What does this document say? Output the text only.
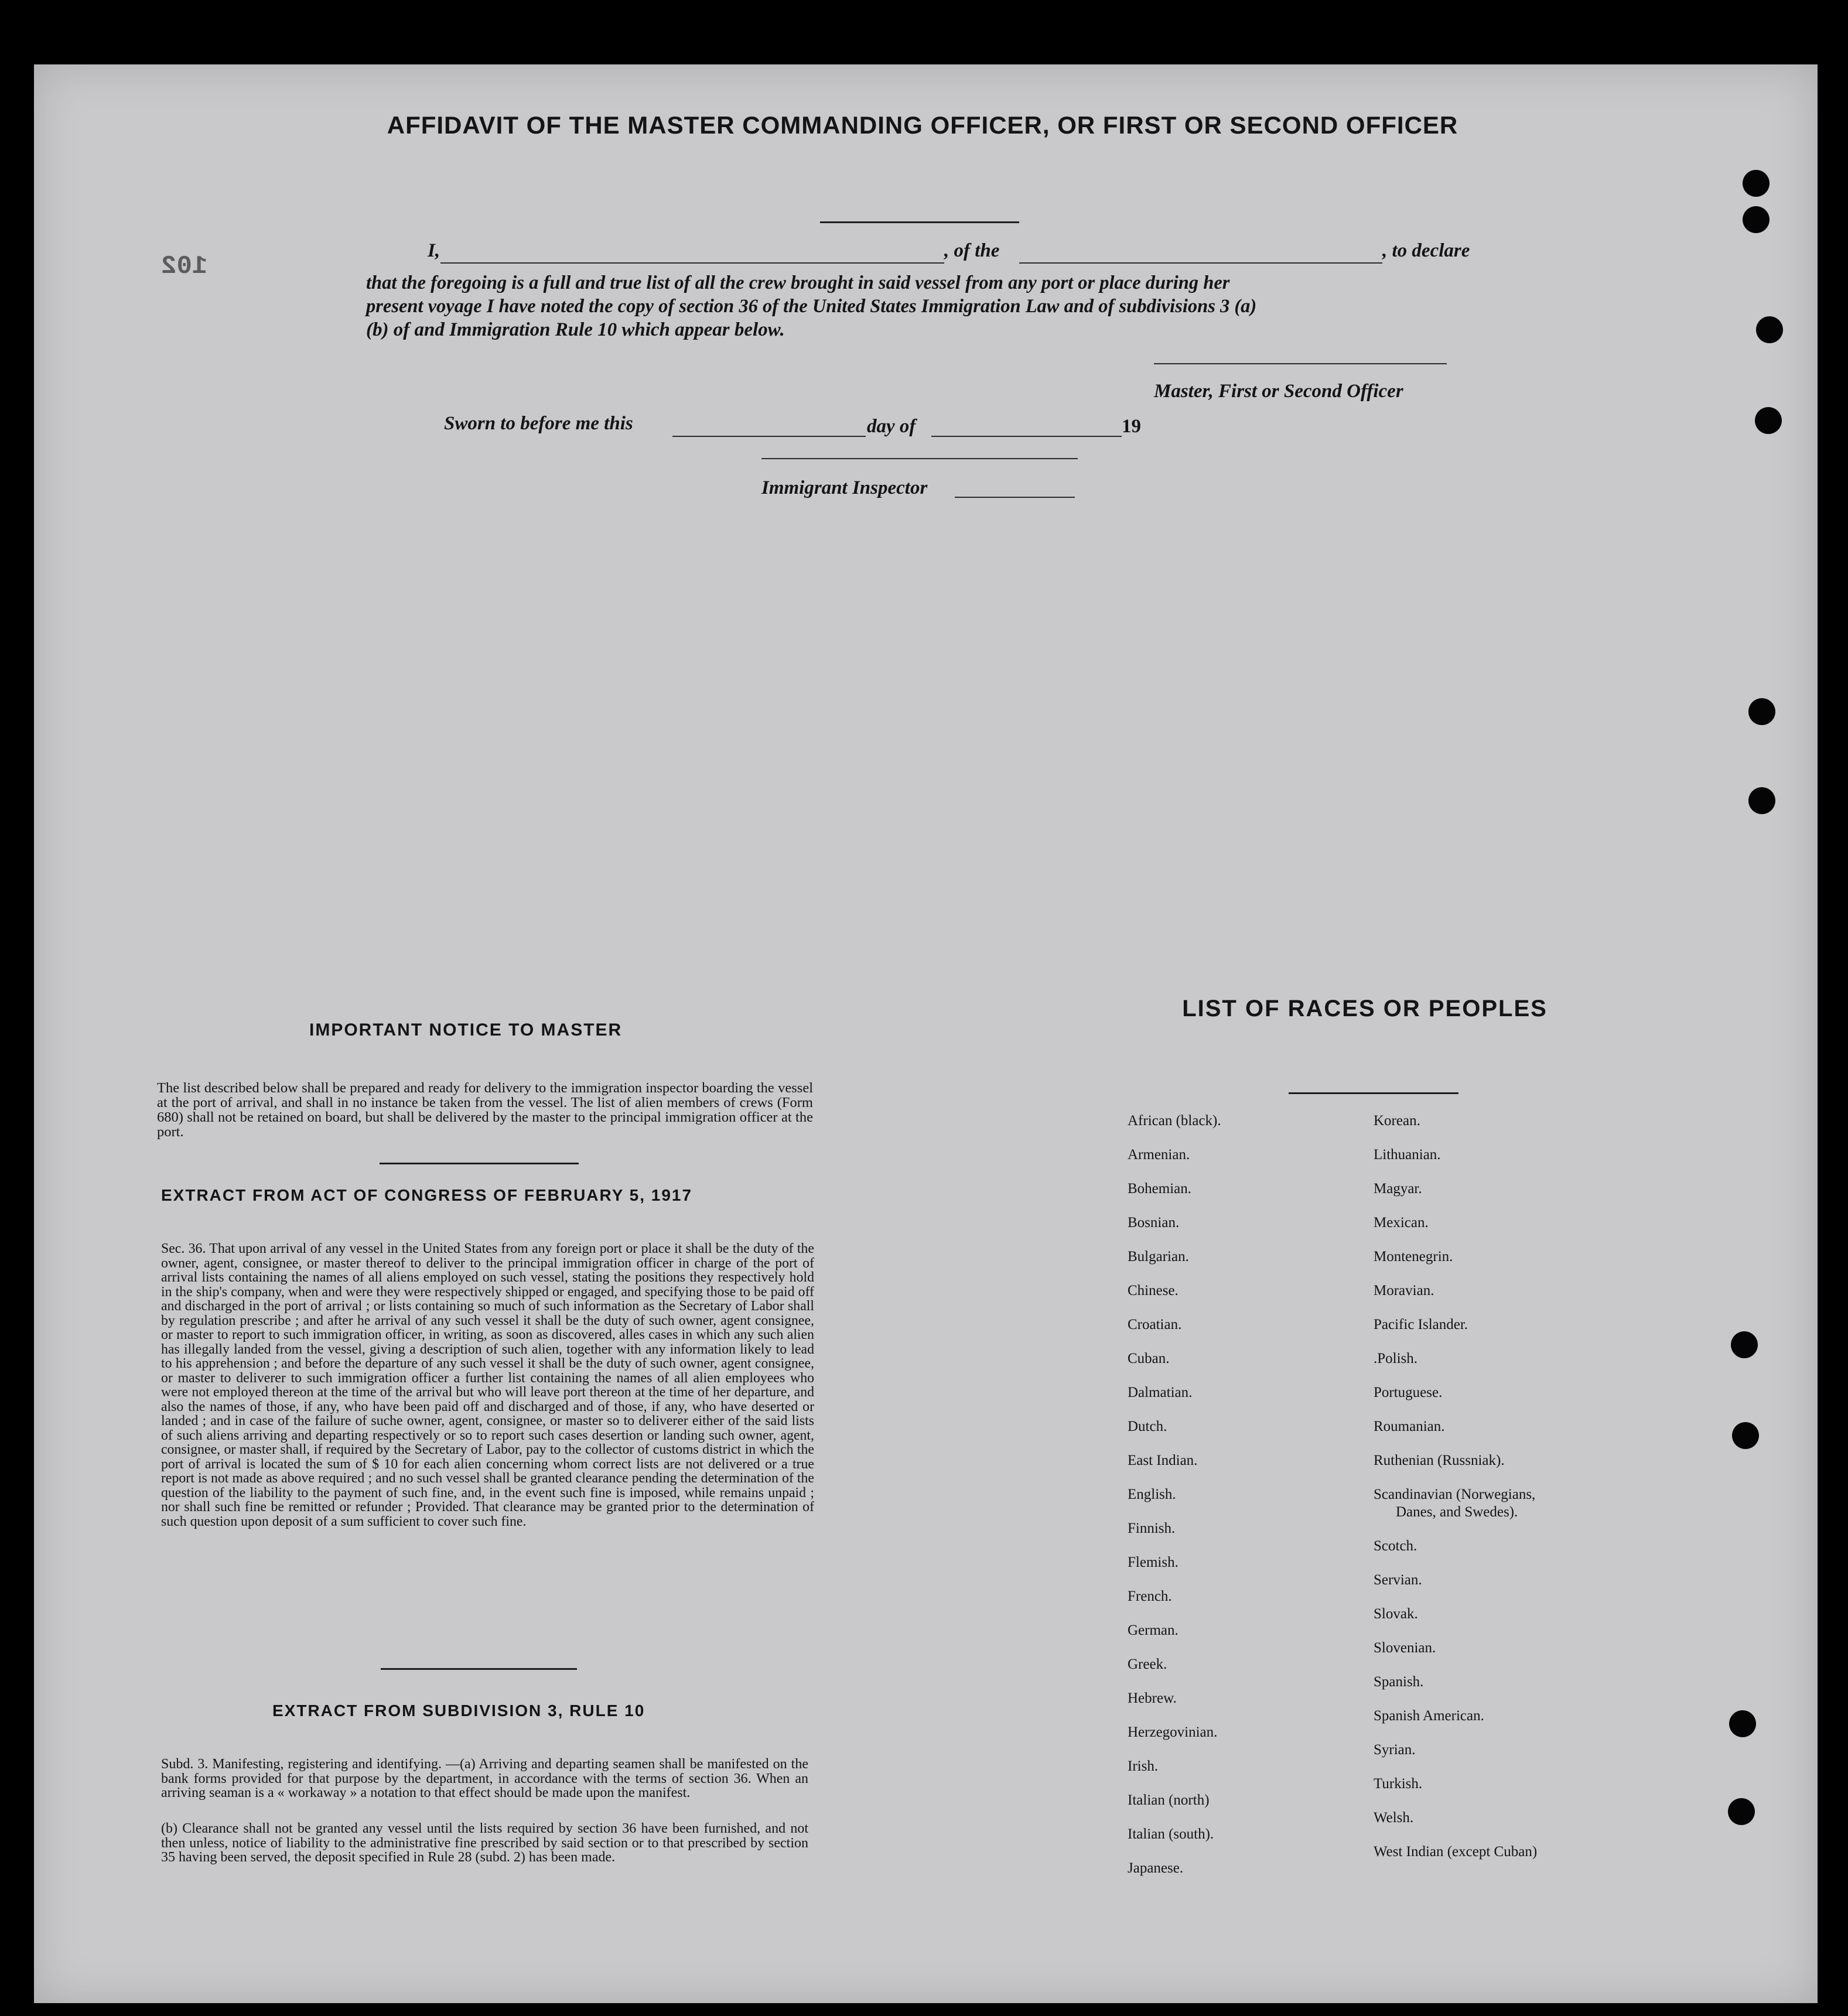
AFFIDAVIT OF THE MASTER COMMANDING OFFICER, OR FIRST OR SECOND OFFICER
I,	, of the	, to declare
that the foregoing is a full and true list of all the crew brought in said vessel from any port or place during her
present voyage I have noted the copy of section 36 of the United States Immigration Law and of subdivisions 3 (a)
(b) of and Immigration Rule 10 which appear below.
Master, First or Second Officer
Sworn to before me this	day of	19
Immigrant Inspector
IMPORTANT NOTICE TO MASTER
The list described below shall be prepared and ready for delivery to the immigration inspector boarding the vessel at the port of arrival, and shall in no instance be taken from the vessel. The list of alien members of crews (Form 680) shall not be retained on board, but shall be delivered by the master to the principal immigration officer at the port.
EXTRACT FROM ACT OF CONGRESS OF FEBRUARY 5, 1917
Sec. 36. That upon arrival of any vessel in the United States from any foreign port or place it shall be the duty of the owner, agent, consignee, or master thereof to deliver to the principal immigration officer in charge of the port of arrival lists containing the names of all aliens employed on such vessel, stating the positions they respectively hold in the ship's company, when and were they were respectively shipped or engaged, and specifying those to be paid off and discharged in the port of arrival ; or lists containing so much of such information as the Secretary of Labor shall by regulation prescribe ; and after he arrival of any such vessel it shall be the duty of such owner, agent consignee, or master to report to such immigration officer, in writing, as soon as discovered, alles cases in which any such alien has illegally landed from the vessel, giving a description of such alien, together with any information likely to lead to his apprehension ; and before the departure of any such vessel it shall be the duty of such owner, agent consignee, or master to deliverer to such immigration officer a further list containing the names of all alien employees who were not employed thereon at the time of the arrival but who will leave port thereon at the time of her departure, and also the names of those, if any, who have been paid off and discharged and of those, if any, who have deserted or landed ; and in case of the failure of suche owner, agent, consignee, or master so to deliverer either of the said lists of such aliens arriving and departing respectively or so to report such cases desertion or landing such owner, agent, consignee, or master shall, if required by the Secretary of Labor, pay to the collector of customs district in which the port of arrival is located the sum of $ 10 for each alien concerning whom correct lists are not delivered or a true report is not made as above required ; and no such vessel shall be granted clearance pending the determination of the question of the liability to the payment of such fine, and, in the event such fine is imposed, while remains unpaid ; nor shall such fine be remitted or refunder ; Provided. That clearance may be granted prior to the determination of such question upon deposit of a sum sufficient to cover such fine.
EXTRACT FROM SUBDIVISION 3, RULE 10
Subd. 3. Manifesting, registering and identifying. —(a) Arriving and departing seamen shall be manifested on the bank forms provided for that purpose by the department, in accordance with the terms of section 36. When an arriving seaman is a « workaway » a notation to that effect should be made upon the manifest.
(b) Clearance shall not be granted any vessel until the lists required by section 36 have been furnished, and not then unless, notice of liability to the administrative fine prescribed by said section or to that prescribed by section 35 having been served, the deposit specified in Rule 28 (subd. 2) has been made.
LIST OF RACES OR PEOPLES
African (black).
Armenian.
Bohemian.
Bosnian.
Bulgarian.
Chinese.
Croatian.
Cuban.
Dalmatian.
Dutch.
East Indian.
English.
Finnish.
Flemish.
French.
German.
Greek.
Hebrew.
Herzegovinian.
Irish.
Italian (north)
Italian (south).
Japanese.
Korean.
Lithuanian.
Magyar.
Mexican.
Montenegrin.
Moravian.
Pacific Islander.
.Polish.
Portuguese.
Roumanian.
Ruthenian (Russniak).
Scandinavian (Norwegians,
Danes, and Swedes).
Scotch.
Servian.
Slovak.
Slovenian.
Spanish.
Spanish American.
Syrian.
Turkish.
Welsh.
West Indian (except Cuban)
102
